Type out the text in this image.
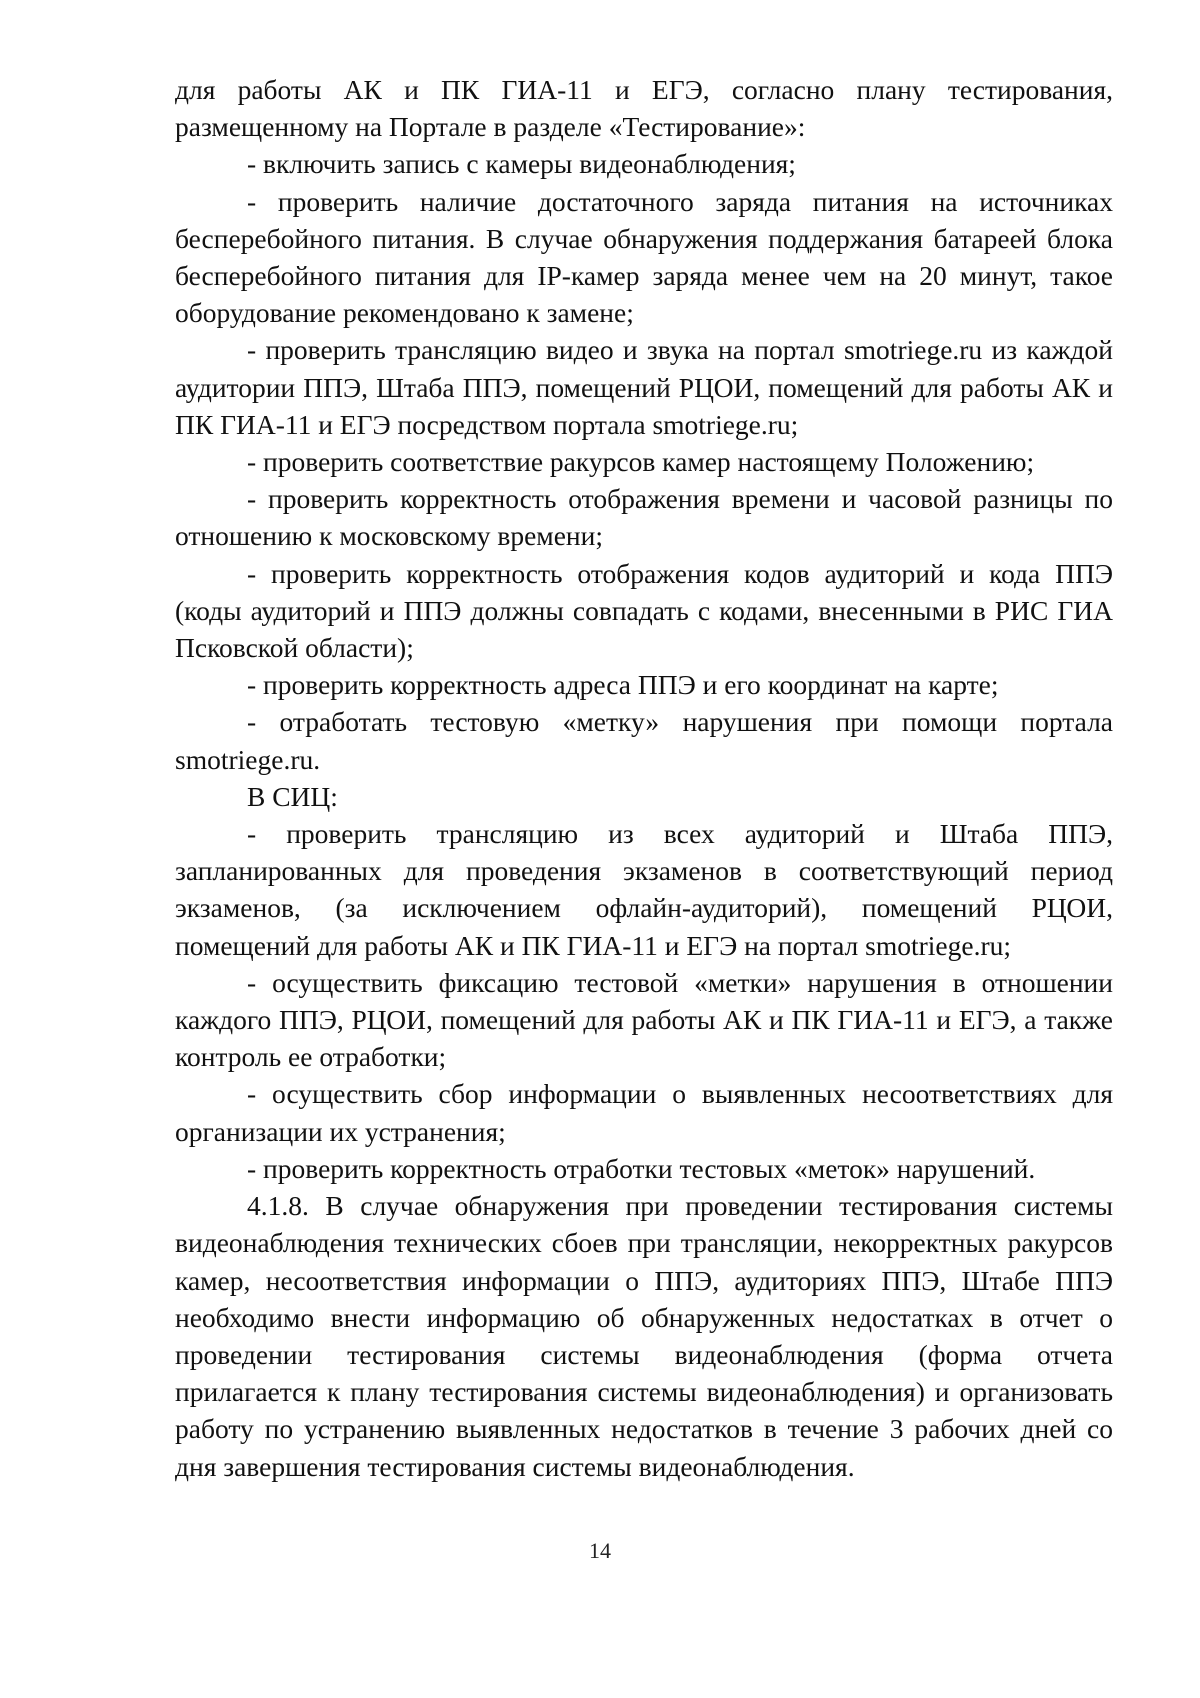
для работы АК и ПК ГИА-11 и ЕГЭ, согласно плану тестирования, размещенному на Портале в разделе «Тестирование»:

- включить запись с камеры видеонаблюдения;

- проверить наличие достаточного заряда питания на источниках бесперебойного питания. В случае обнаружения поддержания батареей блока бесперебойного питания для IP-камер заряда менее чем на 20 минут, такое оборудование рекомендовано к замене;

- проверить трансляцию видео и звука на портал smotriege.ru из каждой аудитории ППЭ, Штаба ППЭ, помещений РЦОИ, помещений для работы АК и ПК ГИА-11 и ЕГЭ посредством портала smotriege.ru;

- проверить соответствие ракурсов камер настоящему Положению;

- проверить корректность отображения времени и часовой разницы по отношению к московскому времени;

- проверить корректность отображения кодов аудиторий и кода ППЭ (коды аудиторий и ППЭ должны совпадать с кодами, внесенными в РИС ГИА Псковской области);

- проверить корректность адреса ППЭ и его координат на карте;

- отработать тестовую «метку» нарушения при помощи портала smotriege.ru.

В СИЦ:

- проверить трансляцию из всех аудиторий и Штаба ППЭ, запланированных для проведения экзаменов в соответствующий период экзаменов, (за исключением офлайн-аудиторий), помещений РЦОИ, помещений для работы АК и ПК ГИА-11 и ЕГЭ на портал smotriege.ru;

- осуществить фиксацию тестовой «метки» нарушения в отношении каждого ППЭ, РЦОИ, помещений для работы АК и ПК ГИА-11 и ЕГЭ, а также контроль ее отработки;

- осуществить сбор информации о выявленных несоответствиях для организации их устранения;

- проверить корректность отработки тестовых «меток» нарушений.

4.1.8. В случае обнаружения при проведении тестирования системы видеонаблюдения технических сбоев при трансляции, некорректных ракурсов камер, несоответствия информации о ППЭ, аудиториях ППЭ, Штабе ППЭ необходимо внести информацию об обнаруженных недостатках в отчет о проведении тестирования системы видеонаблюдения (форма отчета прилагается к плану тестирования системы видеонаблюдения) и организовать работу по устранению выявленных недостатков в течение 3 рабочих дней со дня завершения тестирования системы видеонаблюдения.

14
